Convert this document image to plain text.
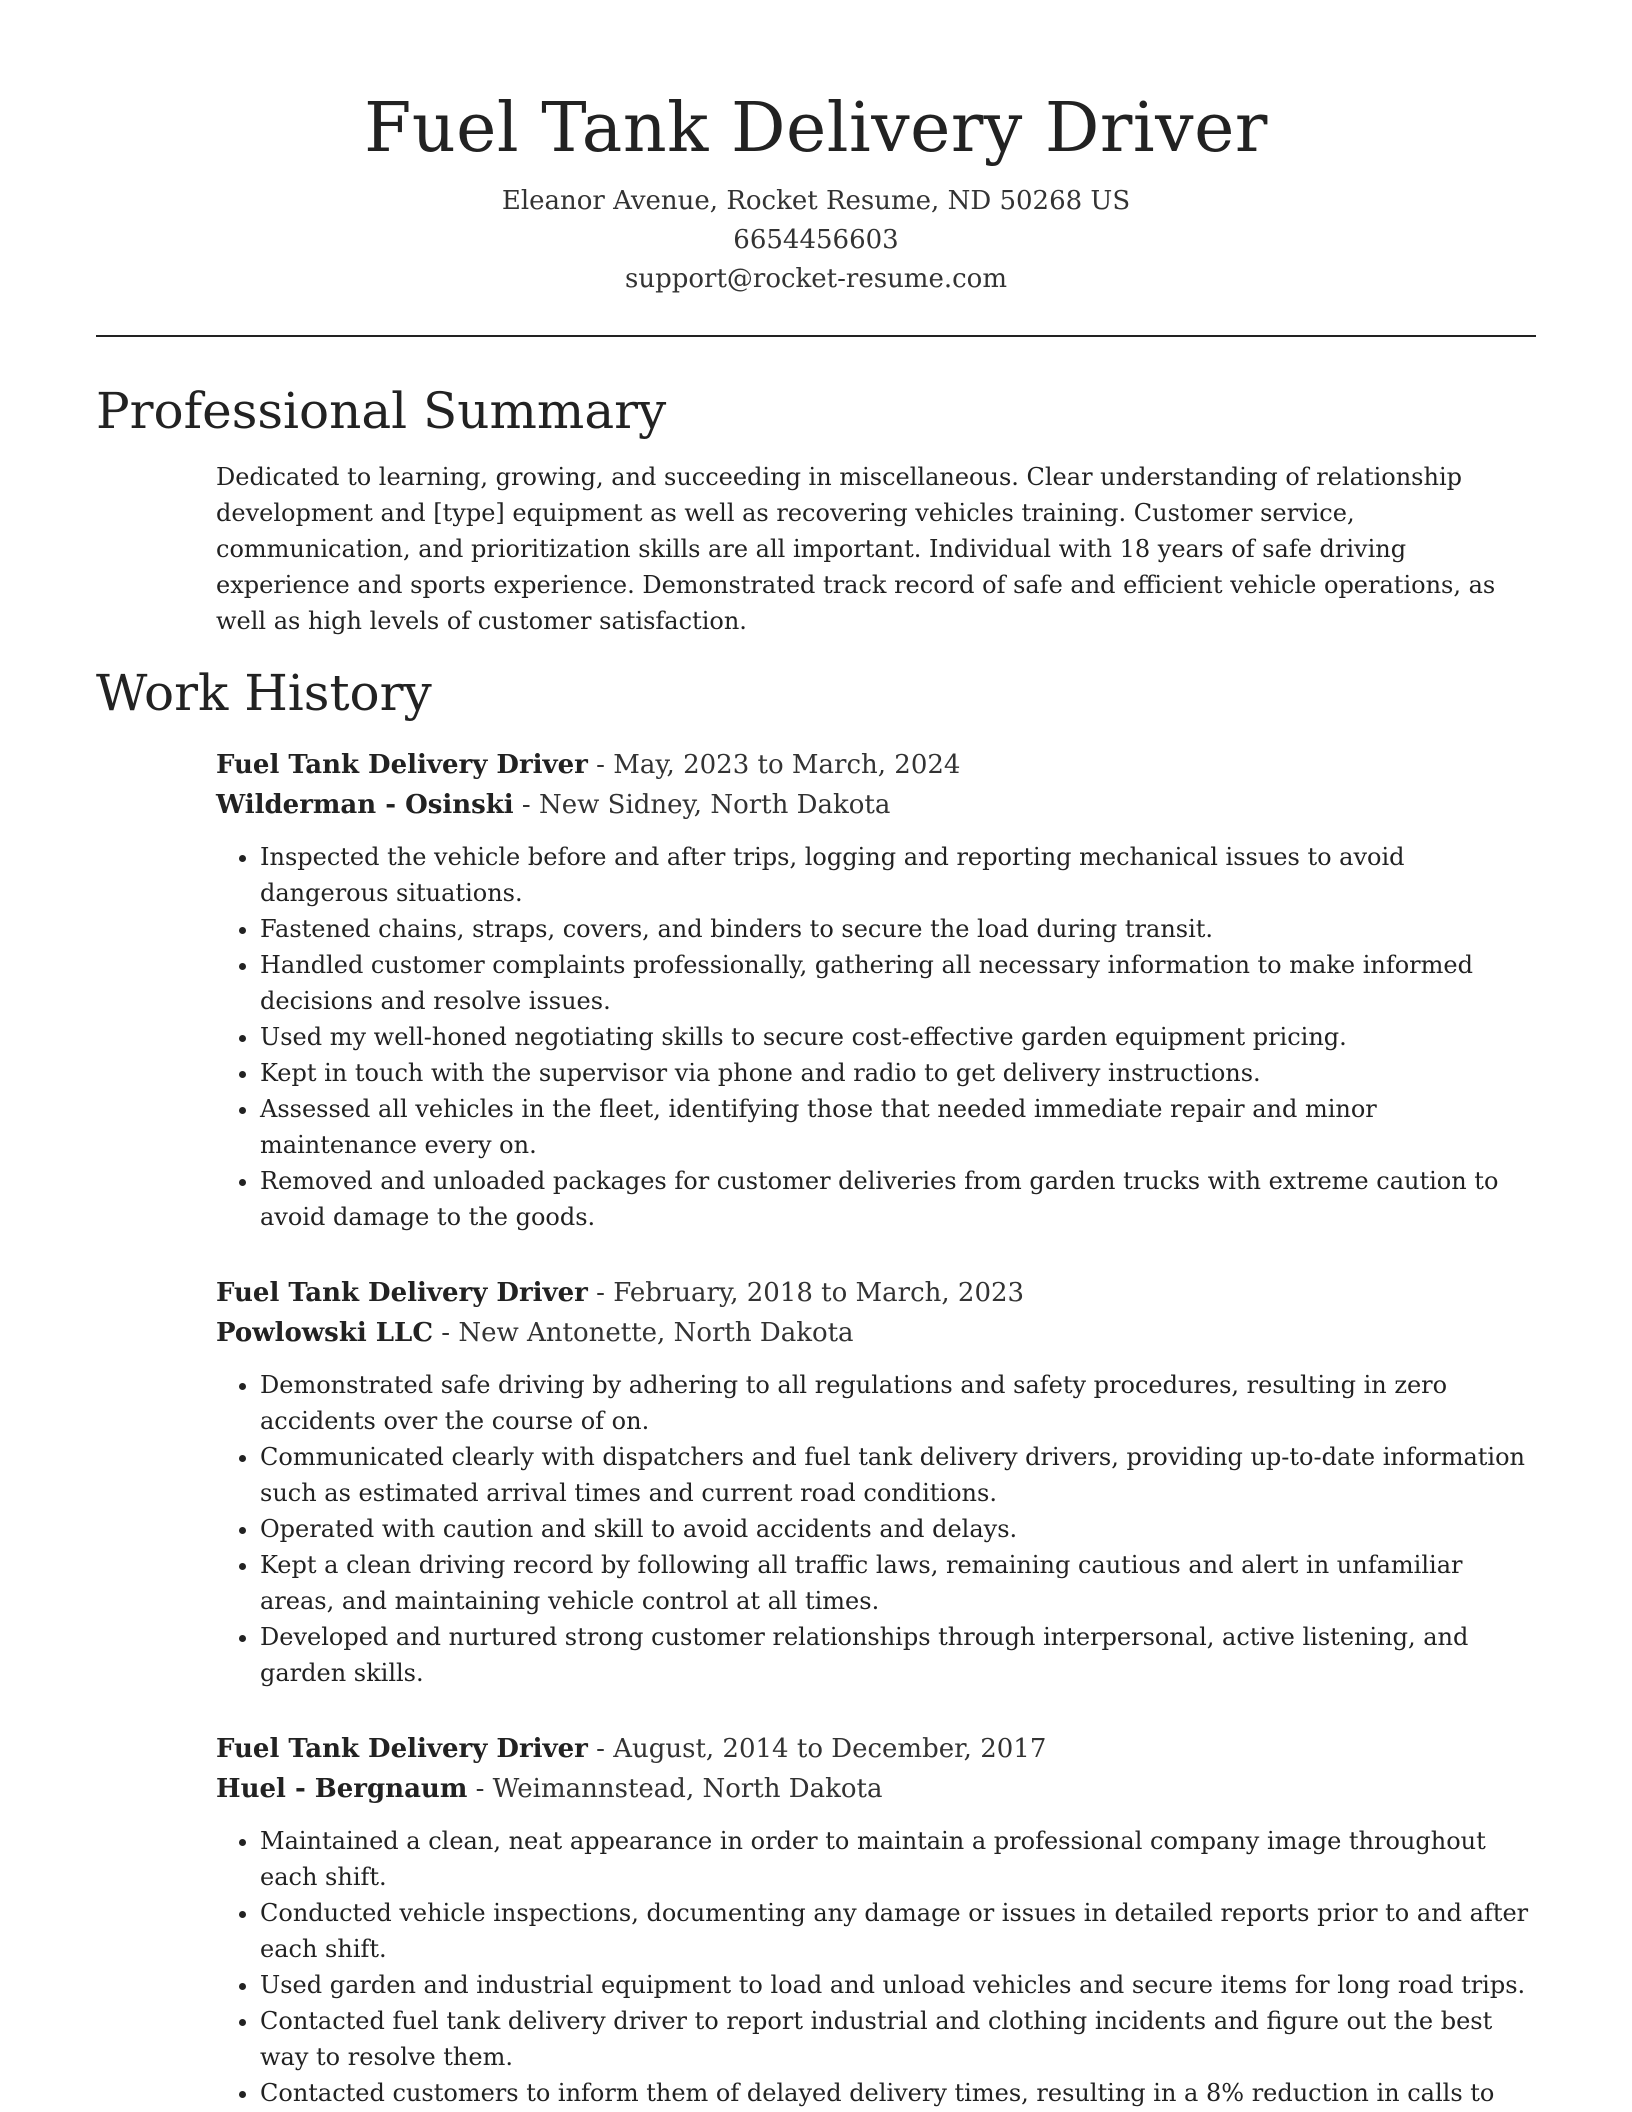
Fuel Tank Delivery Driver
Eleanor Avenue, Rocket Resume, ND 50268 US
6654456603
support@rocket-resume.com
Professional Summary
Dedicated to learning, growing, and succeeding in miscellaneous. Clear understanding of relationship development and [type] equipment as well as recovering vehicles training. Customer service, communication, and prioritization skills are all important. Individual with 18 years of safe driving experience and sports experience. Demonstrated track record of safe and efficient vehicle operations, as well as high levels of customer satisfaction.
Work History
Fuel Tank Delivery Driver - May, 2023 to March, 2024
Wilderman - Osinski - New Sidney, North Dakota
• Inspected the vehicle before and after trips, logging and reporting mechanical issues to avoid dangerous situations.
• Fastened chains, straps, covers, and binders to secure the load during transit.
• Handled customer complaints professionally, gathering all necessary information to make informed decisions and resolve issues.
• Used my well-honed negotiating skills to secure cost-effective garden equipment pricing.
• Kept in touch with the supervisor via phone and radio to get delivery instructions.
• Assessed all vehicles in the fleet, identifying those that needed immediate repair and minor maintenance every on.
• Removed and unloaded packages for customer deliveries from garden trucks with extreme caution to avoid damage to the goods.
Fuel Tank Delivery Driver - February, 2018 to March, 2023
Powlowski LLC - New Antonette, North Dakota
• Demonstrated safe driving by adhering to all regulations and safety procedures, resulting in zero accidents over the course of on.
• Communicated clearly with dispatchers and fuel tank delivery drivers, providing up-to-date information such as estimated arrival times and current road conditions.
• Operated with caution and skill to avoid accidents and delays.
• Kept a clean driving record by following all traffic laws, remaining cautious and alert in unfamiliar areas, and maintaining vehicle control at all times.
• Developed and nurtured strong customer relationships through interpersonal, active listening, and garden skills.
Fuel Tank Delivery Driver - August, 2014 to December, 2017
Huel - Bergnaum - Weimannstead, North Dakota
• Maintained a clean, neat appearance in order to maintain a professional company image throughout each shift.
• Conducted vehicle inspections, documenting any damage or issues in detailed reports prior to and after each shift.
• Used garden and industrial equipment to load and unload vehicles and secure items for long road trips.
• Contacted fuel tank delivery driver to report industrial and clothing incidents and figure out the best way to resolve them.
• Contacted customers to inform them of delayed delivery times, resulting in a 8% reduction in calls to
